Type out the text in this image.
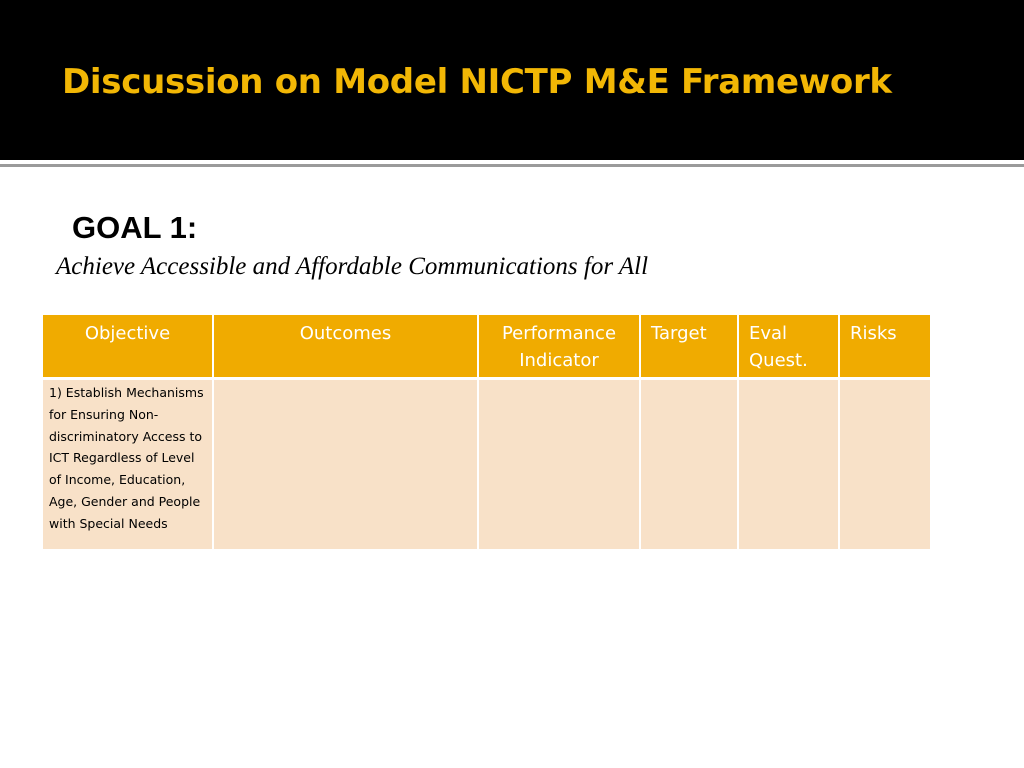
Discussion on Model NICTP M&E Framework
GOAL 1:
Achieve Accessible and Affordable Communications for All
Objective	Outcomes	Performance Indicator	Target	Eval Quest.	Risks
1) Establish Mechanisms for Ensuring Non-discriminatory Access to ICT Regardless of Level of Income, Education, Age, Gender and People with Special Needs					
